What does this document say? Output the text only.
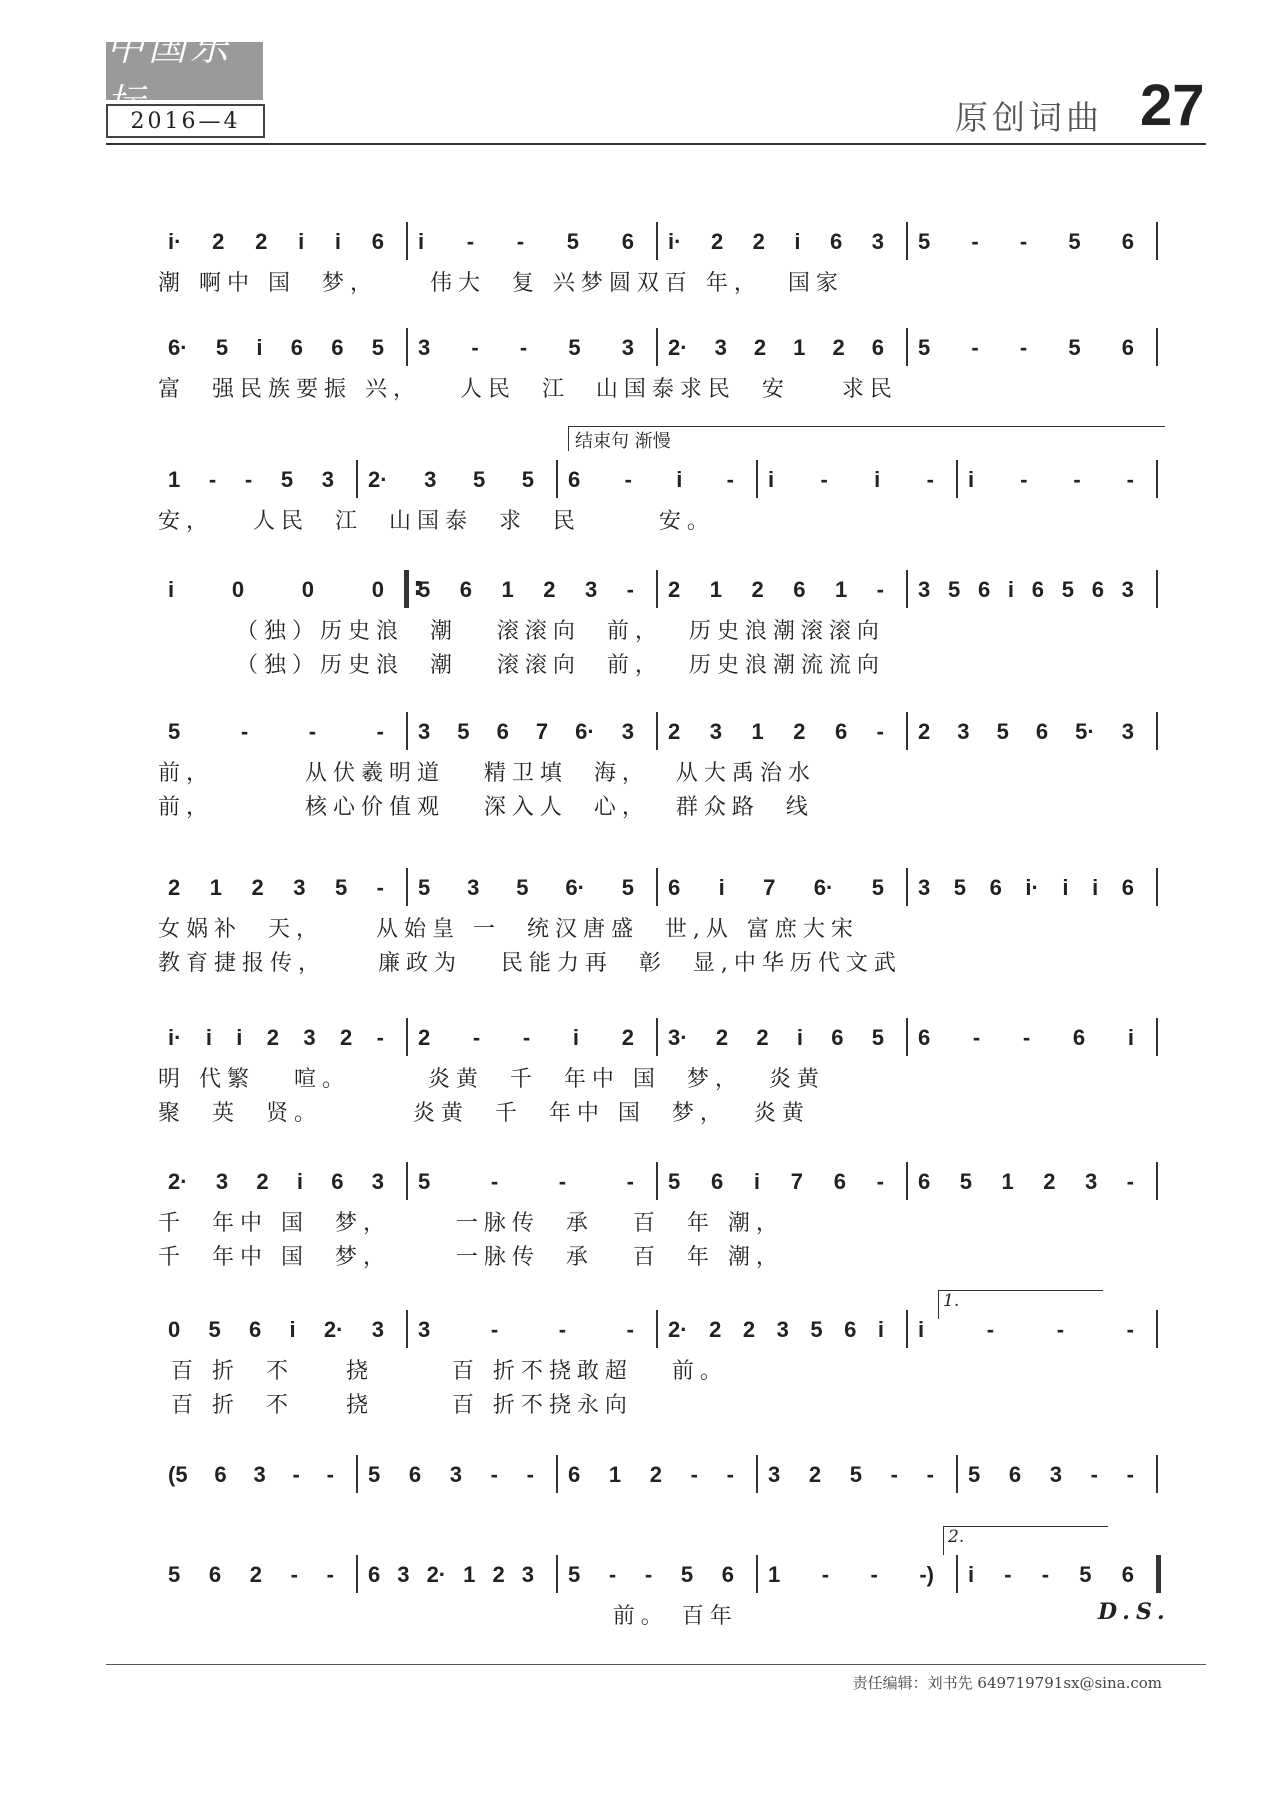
中国乐坛
2016—4	原创词曲 27
结束句 渐慢
1.
2.
i· 2 2 i i 6 i - - 5 6 i· 2 2 i 6 3 5 - - 5 6
潮 啊中 国  梦，    伟大  复 兴梦圆双百 年，  国家
6· 5 i 6 6 5 3 - - 5 3 2· 3 2 1 2 6 5 - - 5 6
富  强民族要振 兴，   人民  江  山国泰求民  安    求民
1 - - 5 3 2· 3 5 5 6 - i - i - i - i - - -
安，   人民  江  山国泰  求  民      安。
i	0	0	0 5 6 1 2 3 - 2 1 2 6 1 - 3 5 6 i 6 5 6 3
:
（独）历史浪  潮   滚滚向  前，  历史浪潮滚滚向
（独）历史浪  潮   滚滚向  前，  历史浪潮流流向
5	-	-	- 3 5 6 7 6· 3 2 3 1 2 6 - 2 3 5 6 5· 3
前，       从伏羲明道   精卫填  海，  从大禹治水
前，       核心价值观   深入人  心，  群众路  线
2 1 2 3 5 - 5 3 5 6· 5 6 i 7 6· 5 3 5 6 i· i i 6
女娲补  天，    从始皇 一  统汉唐盛  世,从 富庶大宋
教育捷报传，    廉政为   民能力再  彰  显,中华历代文武
i· i i 2 3 2 - 2 - - i 2 3· 2 2 i 6 5 6 - - 6 i
明 代繁   喧。      炎黄  千  年中 国  梦，  炎黄
聚  英  贤。       炎黄  千  年中 国  梦，  炎黄
2· 3 2 i 6 3 5	-	-	- 5 6 i 7 6 - 6 5 1 2 3 -
千  年中 国  梦，     一脉传  承   百  年 潮，
千  年中 国  梦，     一脉传  承   百  年 潮，
0 5 6 i 2· 3 3	-	-	- 2· 2 2 3 5 6 i i	-	-	-
百 折  不    挠      百 折不挠敢超   前。
百 折  不    挠      百 折不挠永向
(5 6 3 - - 5 6 3 - - 6 1 2 - - 3 2 5 - - 5 6 3 - -
5 6 2 - - 6 3 2· 1 2 3 5 - - 5 6 1 - - -) i - - 5 6
前。 百年	D.S.
责任编辑：刘书先 649719791sx@sina.com
